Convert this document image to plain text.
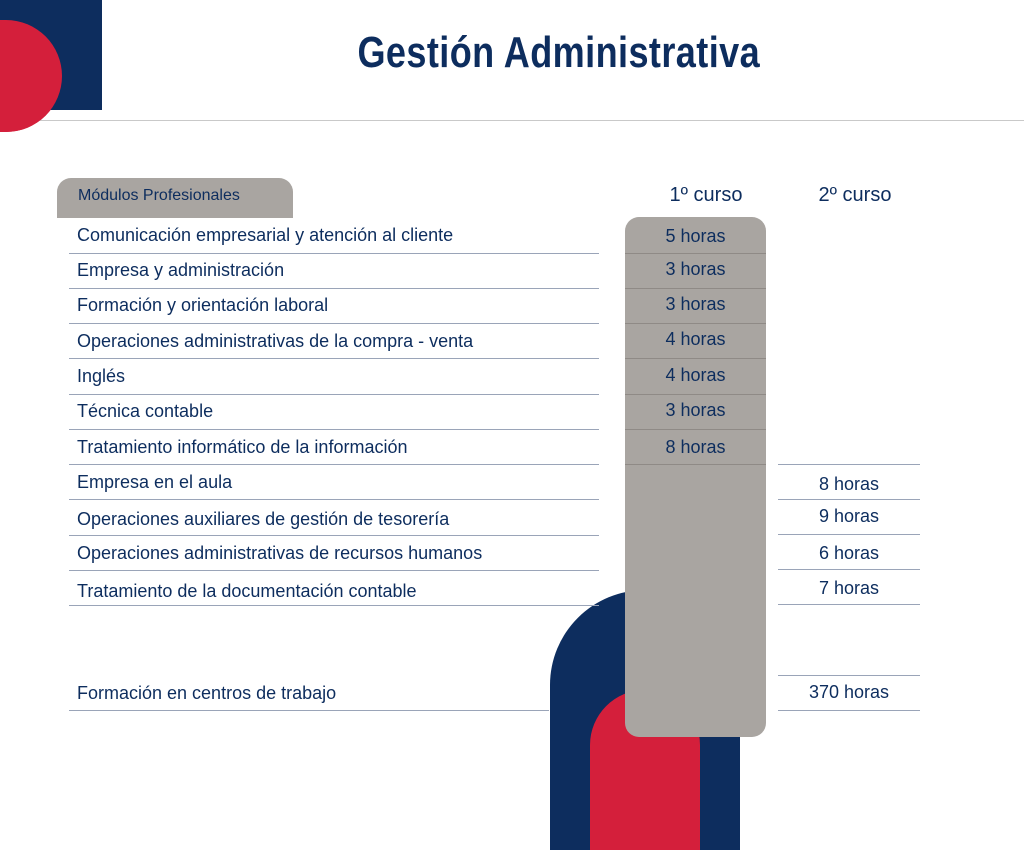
Gestión Administrativa
Módulos Profesionales	1º curso	2º curso
Comunicación empresarial y atención al cliente
Empresa y administración
Formación y orientación laboral
Operaciones administrativas de la compra - venta
Inglés
Técnica contable
Tratamiento informático de la información
Empresa en el aula
Operaciones auxiliares de gestión de tesorería
Operaciones administrativas de recursos humanos
Tratamiento de la documentación contable
Formación en centros de trabajo
5 horas
3 horas
3 horas
4 horas
4 horas
3 horas
8 horas
8 horas
9 horas
6 horas
7 horas
370 horas
